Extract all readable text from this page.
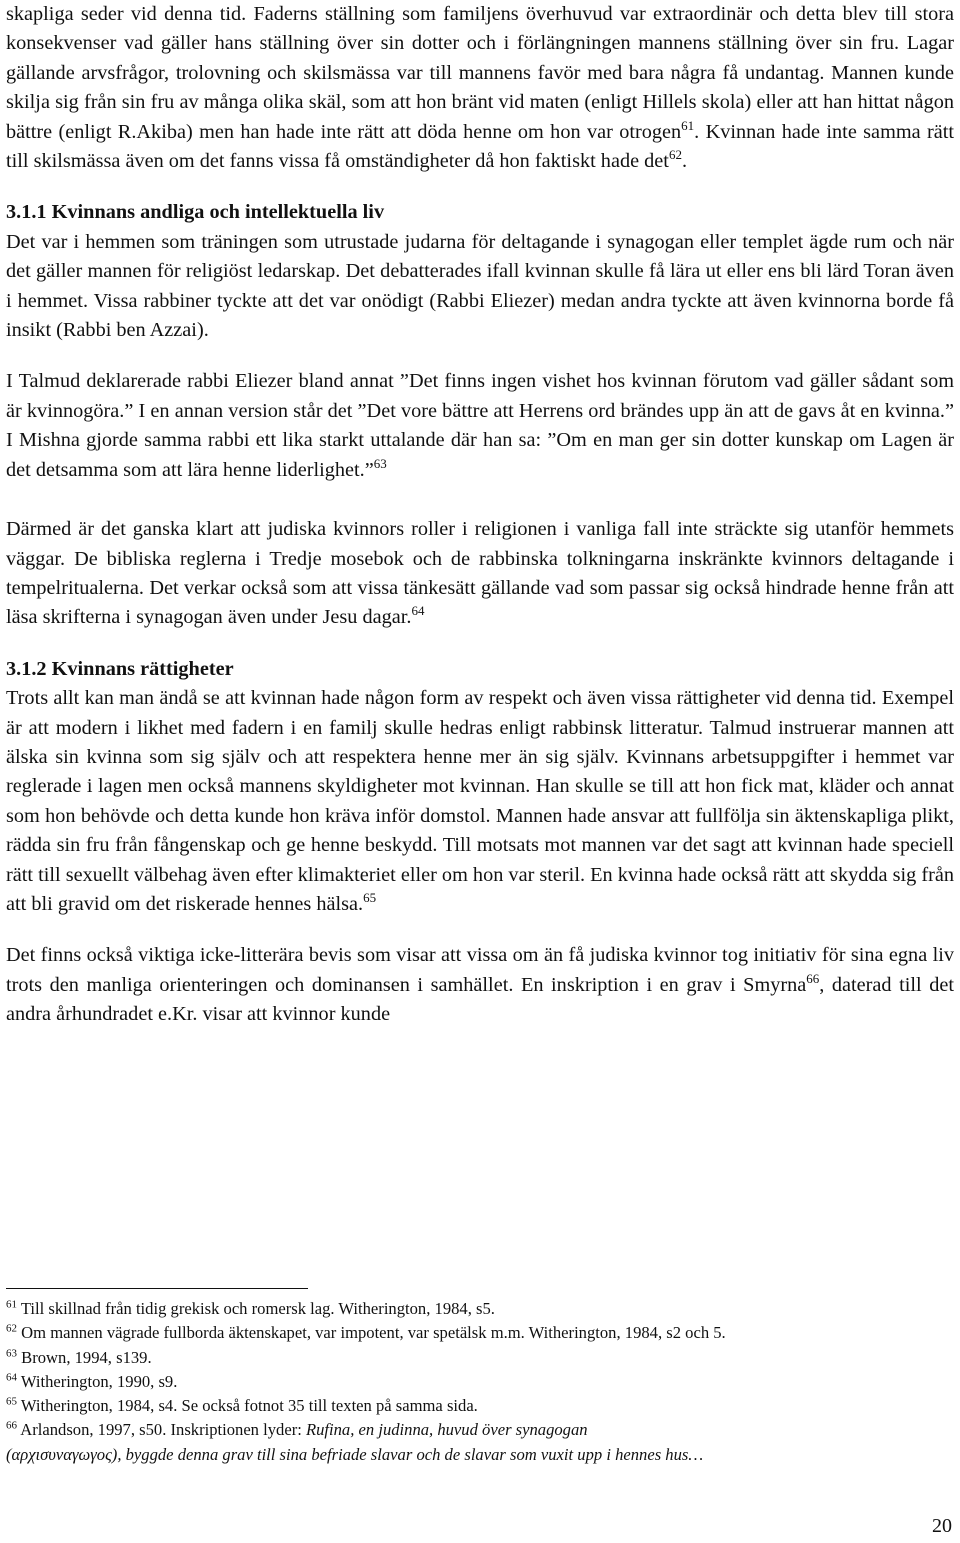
skapliga seder vid denna tid. Faderns ställning som familjens överhuvud var extraordinär och detta blev till stora konsekvenser vad gäller hans ställning över sin dotter och i förlängningen mannens ställning över sin fru. Lagar gällande arvsfrågor, trolovning och skilsmässa var till mannens favör med bara några få undantag. Mannen kunde skilja sig från sin fru av många olika skäl, som att hon bränt vid maten (enligt Hillels skola) eller att han hittat någon bättre (enligt R.Akiba) men han hade inte rätt att döda henne om hon var otrogen$^{61}$. Kvinnan hade inte samma rätt till skilsmässa även om det fanns vissa få omständigheter då hon faktiskt hade $\det^{62}$.

3.1.1 Kvinnans andliga och intellektuella liv

Det var i hemmen som träningen som utrustade judarna för deltagande i synagogan eller templet ägde rum och när det gäller mannen för religiöst ledarskap. Det debatterades ifall kvinnan skulle få lära ut eller ens bli lärd Toran även i hemmet. Vissa rabbiner tyckte att det var onödigt (Rabbi Eliezer) medan andra tyckte att även kvinnorna borde få insikt (Rabbi ben Azzai).

I Talmud deklarerade rabbi Eliezer bland annat ”Det finns ingen vishet hos kvinnan förutom vad gäller sådant som är kvinnogöra.” I en annan version står det ”Det vore bättre att Herrens ord brändes upp än att de gavs åt en kvinna.” I Mishna gjorde samma rabbi ett lika starkt uttalande där han sa: ”Om en man ger sin dotter kunskap om Lagen är det detsamma som att lära henne liderlighet.”$^{63}$

Därmed är det ganska klart att judiska kvinnors roller i religionen i vanliga fall inte sträckte sig utanför hemmets väggar. De bibliska reglerna i Tredje mosebok och de rabbinska tolkningarna inskränkte kvinnors deltagande i tempelritualerna. Det verkar också som att vissa tänkesätt gällande vad som passar sig också hindrade henne från att läsa skrifterna i synagogan även under Jesu dagar.$^{64}$

3.1.2 Kvinnans rättigheter

Trots allt kan man ändå se att kvinnan hade någon form av respekt och även vissa rättigheter vid denna tid. Exempel är att modern i likhet med fadern i en familj skulle hedras enligt rabbinsk litteratur. Talmud instruerar mannen att älska sin kvinna som sig själv och att respektera henne mer än sig själv. Kvinnans arbetsuppgifter i hemmet var reglerade i lagen men också mannens skyldigheter mot kvinnan. Han skulle se till att hon fick mat, kläder och annat som hon behövde och detta kunde hon kräva inför domstol. Mannen hade ansvar att fullfölja sin äktenskapliga plikt, rädda sin fru från fångenskap och ge henne beskydd. Till motsats mot mannen var det sagt att kvinnan hade speciell rätt till sexuellt välbehag även efter klimakteriet eller om hon var steril. En kvinna hade också rätt att skydda sig från att bli gravid om det riskerade hennes hälsa.$^{65}$

Det finns också viktiga icke-litterära bevis som visar att vissa om än få judiska kvinnor tog initiativ för sina egna liv trots den manliga orienteringen och dominansen i samhället. En inskription i en grav i Smyrna$^{66}$, daterad till det andra århundradet e.Kr. visar att kvinnor kunde

$^{61}$ Till skillnad från tidig grekisk och romersk lag. Witherington, 1984, s5.

$^{62}$ Om mannen vägrade fullborda äktenskapet, var impotent, var spetälsk m.m. Witherington, 1984, s2 och 5.

$^{63}$ Brown, 1994, s139.

$^{64}$ Witherington, 1990, s9.

$^{65}$ Witherington, 1984, s4. Se också fotnot 35 till texten på samma sida.

$^{66}$ Arlandson, 1997, s50. Inskriptionen lyder: Rufina, en judinna, huvud över synagogan

(αρχισυναγωγος), byggde denna grav till sina befriade slavar och de slavar som vuxit upp i hennes hus…

20
